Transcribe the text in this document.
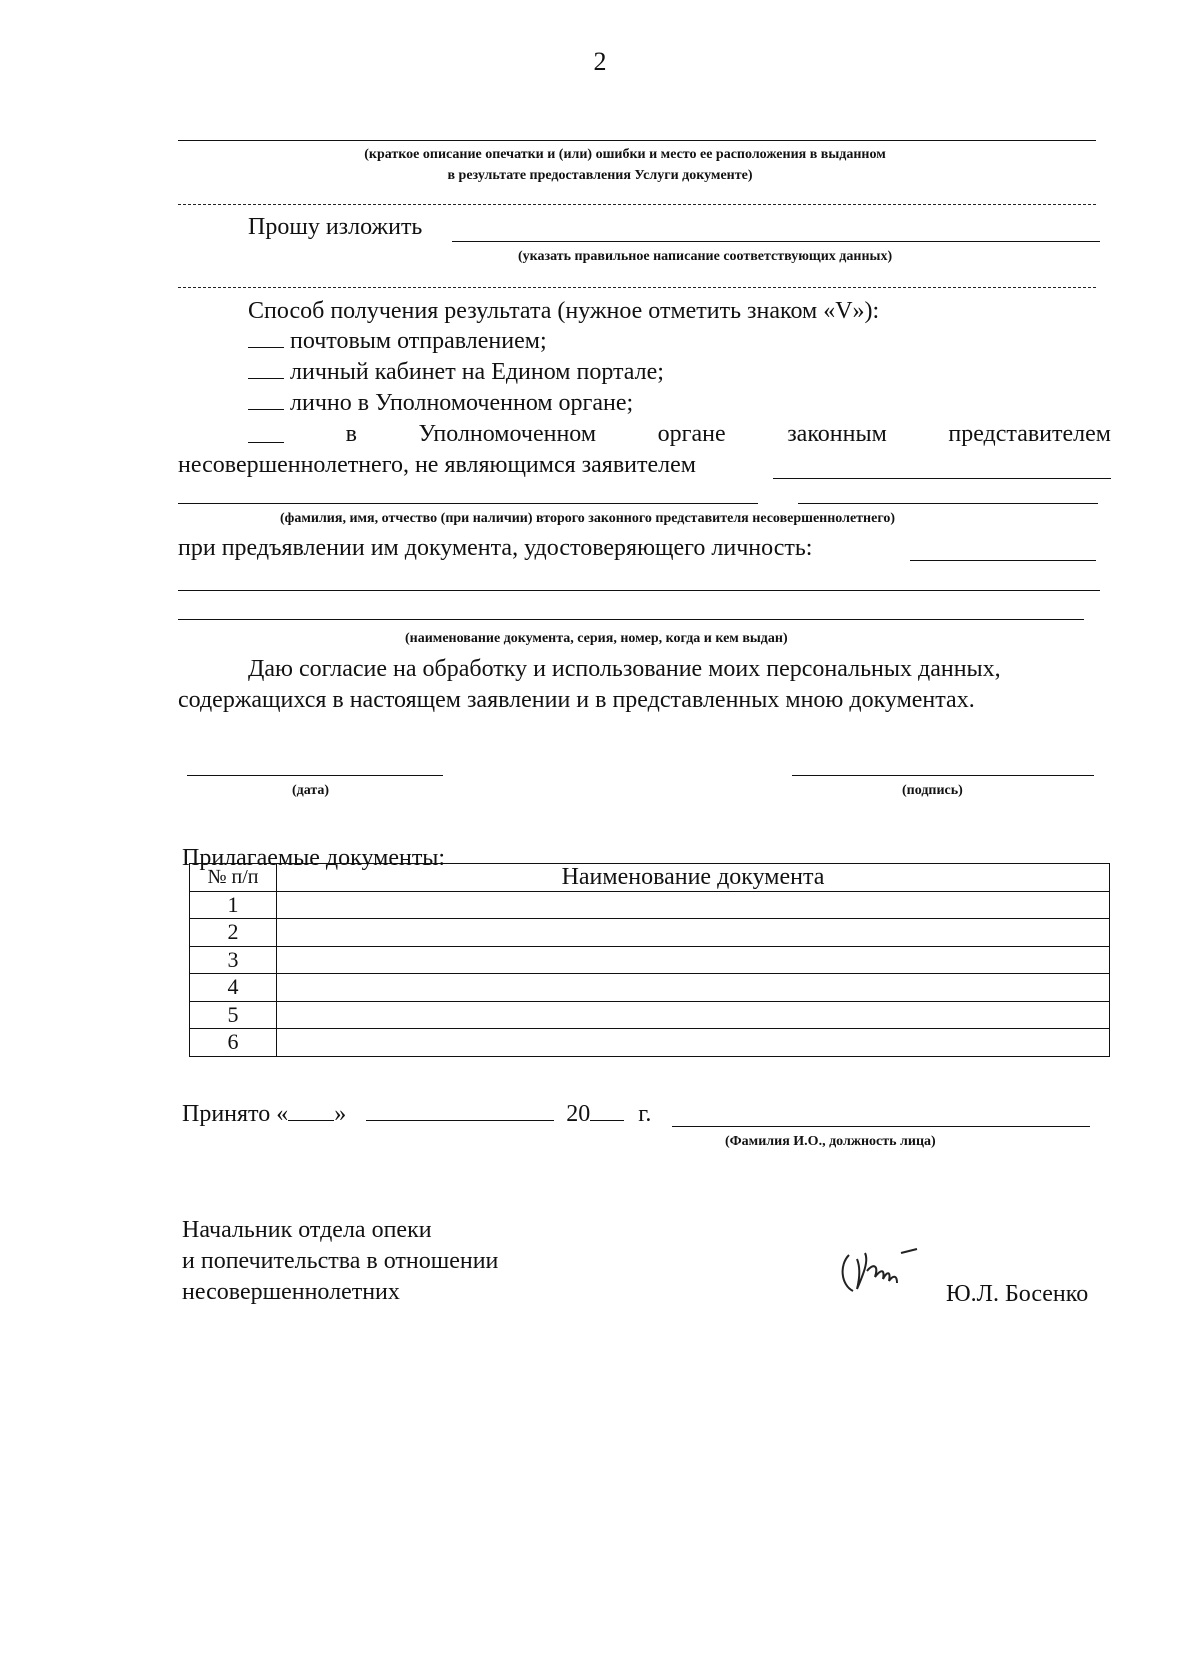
2
(краткое описание опечатки и (или) ошибки и место ее расположения в выданном
в результате предоставления Услуги документе)
Прошу изложить
(указать правильное написание соответствующих данных)
Способ получения результата (нужное отметить знаком «V»):
почтовым отправлением;
личный кабинет на Едином портале;
лично в Уполномоченном органе;
в	Уполномоченном	органе	законным	представителем
несовершеннолетнего, не являющимся заявителем
(фамилия, имя, отчество (при наличии) второго законного представителя несовершеннолетнего)
при предъявлении им документа, удостоверяющего личность:
(наименование документа, серия, номер, когда и кем выдан)
Даю согласие на обработку и использование моих персональных данных,
содержащихся в настоящем заявлении и в представленных мною документах.
(дата)	(подпись)
Прилагаемые документы:
№ п/п	Наименование документа
1	
2	
3	
4	
5	
6	
Принято « »	20 г.
(Фамилия И.О., должность лица)
Начальник отдела опеки
и попечительства в отношении
несовершеннолетних	Ю.Л. Босенко
